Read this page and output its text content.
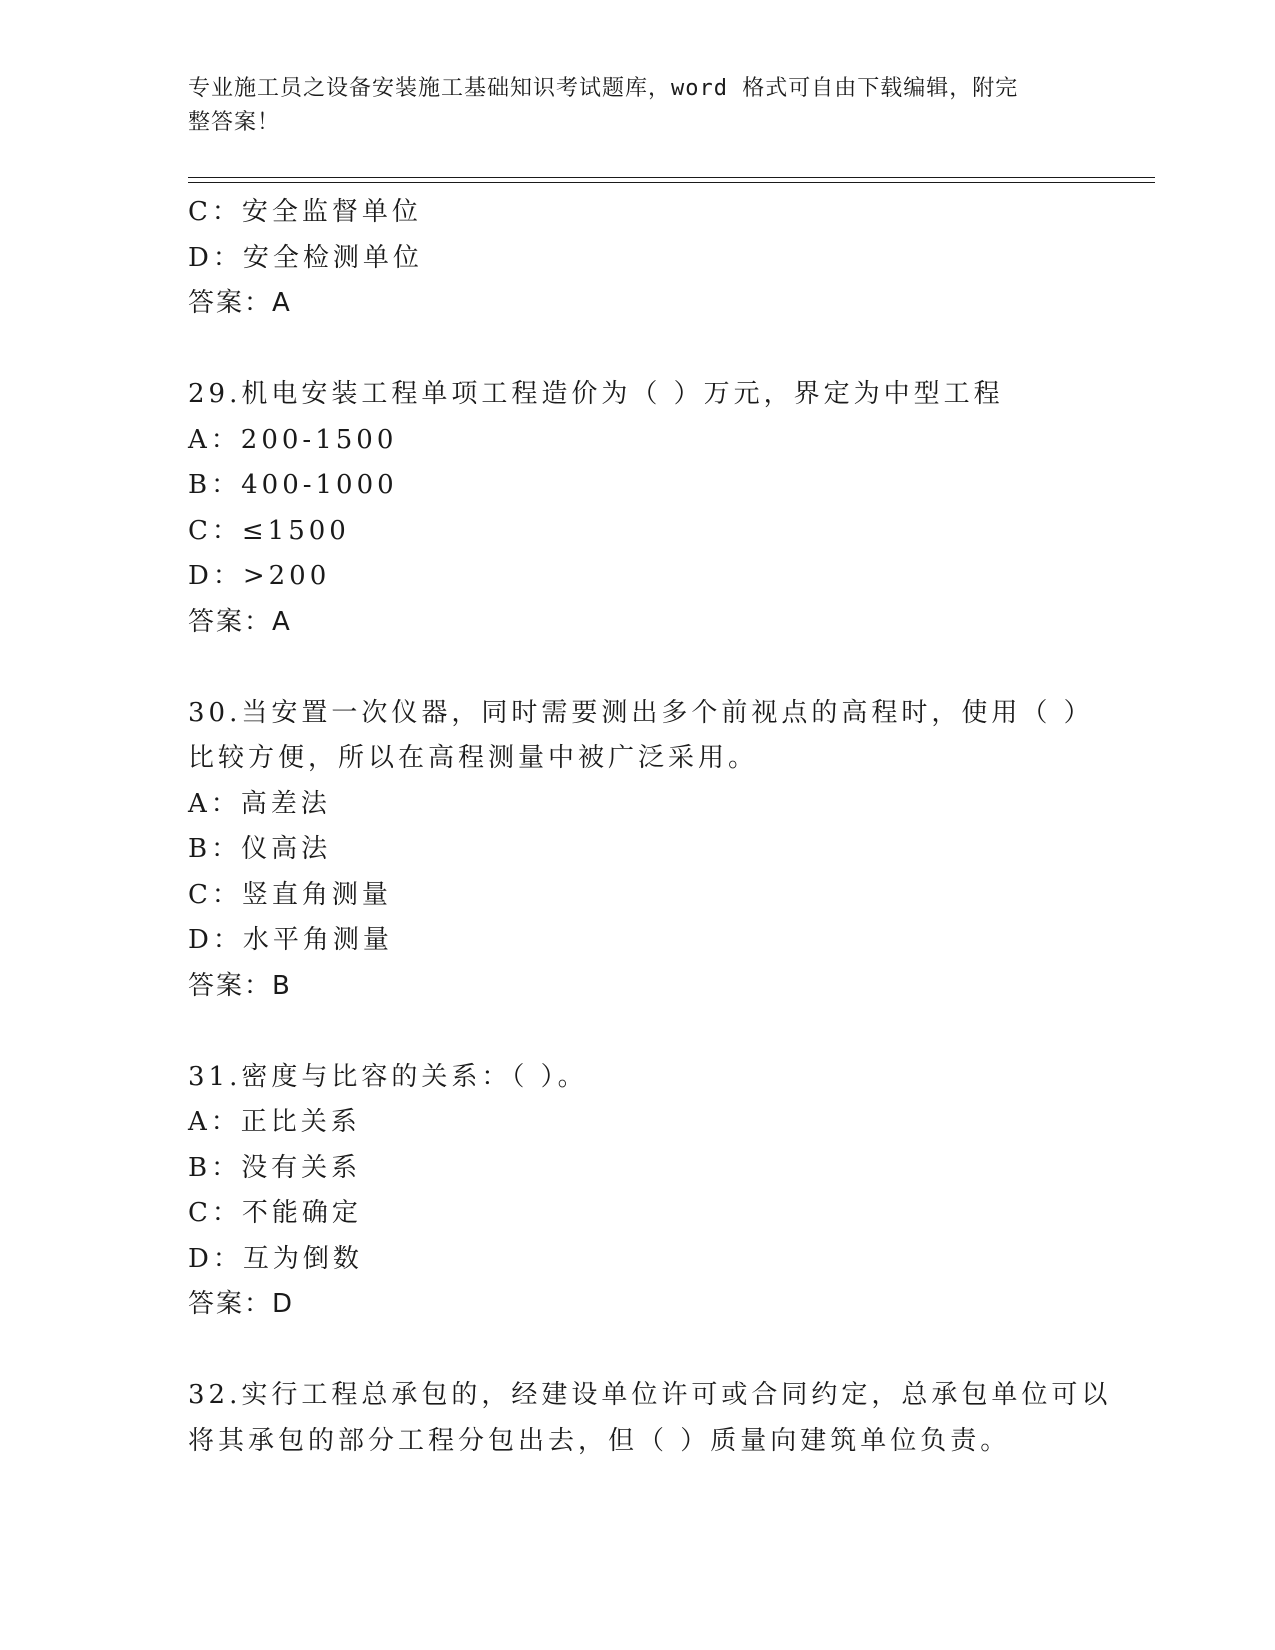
专业施工员之设备安装施工基础知识考试题库，word 格式可自由下载编辑，附完
整答案！
C：安全监督单位
D：安全检测单位
答案：A
29.机电安装工程单项工程造价为（ ）万元，界定为中型工程
A：200-1500
B：400-1000
C：≤1500
D：>200
答案：A
30.当安置一次仪器，同时需要测出多个前视点的高程时，使用（ ）
比较方便，所以在高程测量中被广泛采用。
A：高差法
B：仪高法
C：竖直角测量
D：水平角测量
答案：B
31.密度与比容的关系：（ ）。
A：正比关系
B：没有关系
C：不能确定
D：互为倒数
答案：D
32.实行工程总承包的，经建设单位许可或合同约定，总承包单位可以
将其承包的部分工程分包出去，但（ ）质量向建筑单位负责。
